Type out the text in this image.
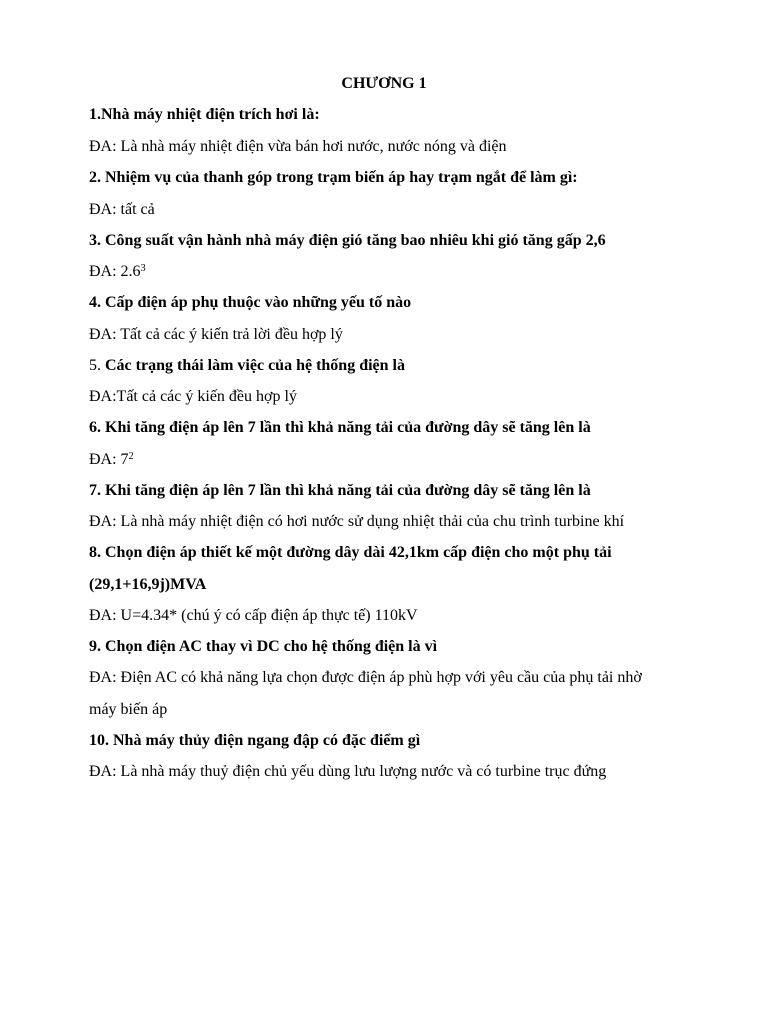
CHƯƠNG 1
1.Nhà máy nhiệt điện trích hơi là:
ĐA: Là nhà máy nhiệt điện vừa bán hơi nước, nước nóng và điện
2. Nhiệm vụ của thanh góp trong trạm biến áp hay trạm ngắt để làm gì:
ĐA: tất cả
3. Công suất vận hành nhà máy điện gió tăng bao nhiêu khi gió tăng gấp 2,6
ĐA: $2.6^3$
4. Cấp điện áp phụ thuộc vào những yếu tố nào
ĐA: Tất cả các ý kiến trả lời đều hợp lý
5. Các trạng thái làm việc của hệ thống điện là
ĐA:Tất cả các ý kiến đều hợp lý
6. Khi tăng điện áp lên 7 lần thì khả năng tải của đường dây sẽ tăng lên là
ĐA: $7^2$
7. Khi tăng điện áp lên 7 lần thì khả năng tải của đường dây sẽ tăng lên là
ĐA: Là nhà máy nhiệt điện có hơi nước sử dụng nhiệt thải của chu trình turbine khí
8. Chọn điện áp thiết kế một đường dây dài 42,1km cấp điện cho một phụ tải
(29,1+16,9j)MVA
ĐA: U=4.34* (chú ý có cấp điện áp thực tế) 110kV
9. Chọn điện AC thay vì DC cho hệ thống điện là vì
ĐA: Điện AC có khả năng lựa chọn được điện áp phù hợp với yêu cầu của phụ tải nhờ
máy biến áp
10. Nhà máy thủy điện ngang đập có đặc điểm gì
ĐA: Là nhà máy thuỷ điện chủ yếu dùng lưu lượng nước và có turbine trục đứng
